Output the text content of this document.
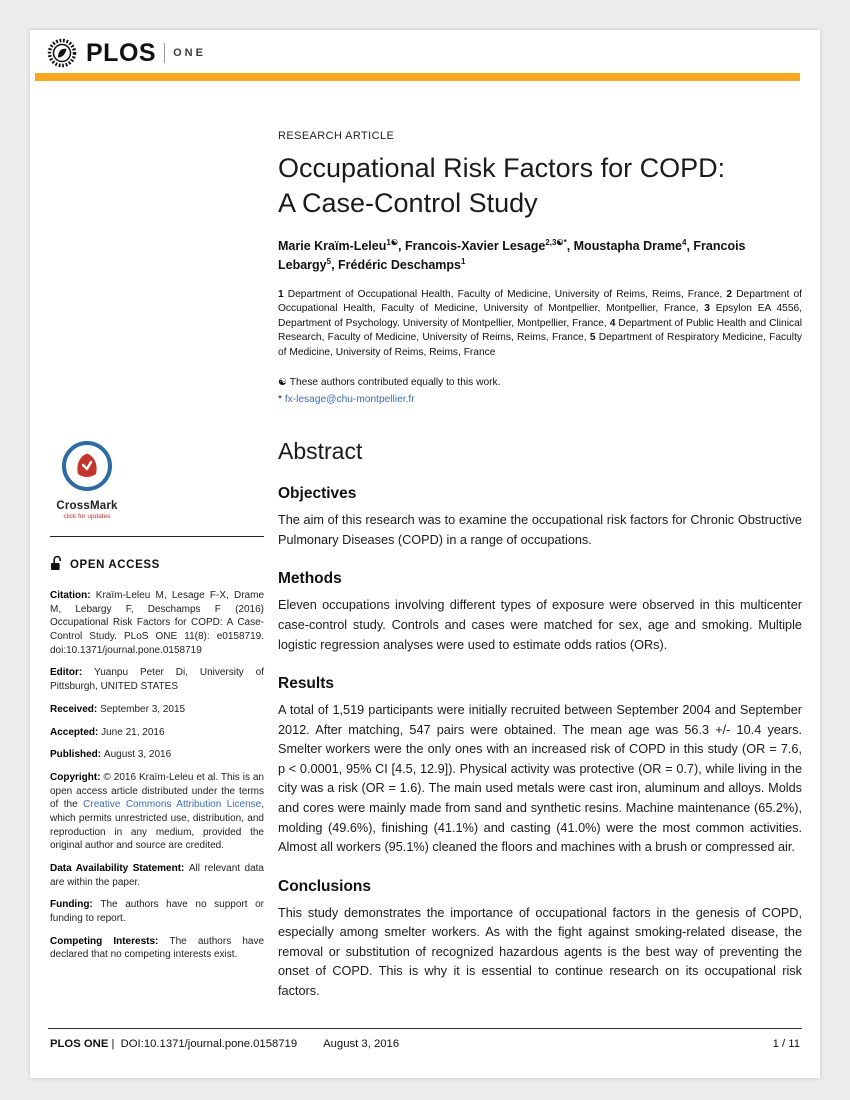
PLOS ONE
CrossMark
click for updates
OPEN ACCESS

Citation: Kraïm-Leleu M, Lesage F-X, Drame M, Lebargy F, Deschamps F (2016) Occupational Risk Factors for COPD: A Case-Control Study. PLoS ONE 11(8): e0158719. doi:10.1371/journal.pone.0158719

Editor: Yuanpu Peter Di, University of Pittsburgh, UNITED STATES

Received: September 3, 2015

Accepted: June 21, 2016

Published: August 3, 2016

Copyright: © 2016 Kraïm-Leleu et al. This is an open access article distributed under the terms of the Creative Commons Attribution License, which permits unrestricted use, distribution, and reproduction in any medium, provided the original author and source are credited.

Data Availability Statement: All relevant data are within the paper.

Funding: The authors have no support or funding to report.

Competing Interests: The authors have declared that no competing interests exist.

RESEARCH ARTICLE
Occupational Risk Factors for COPD:
A Case-Control Study

Marie Kraïm-Leleu$^{1☯}$, Francois-Xavier Lesage$^{2,3☯*}$, Moustapha Drame$^4$, Francois Lebargy$^5$, Frédéric Deschamps$^1$

1 Department of Occupational Health, Faculty of Medicine, University of Reims, Reims, France, 2 Department of Occupational Health, Faculty of Medicine, University of Montpellier, Montpellier, France, 3 Epsylon EA 4556, Department of Psychology. University of Montpellier, Montpellier, France, 4 Department of Public Health and Clinical Research, Faculty of Medicine, University of Reims, Reims, France, 5 Department of Respiratory Medicine, Faculty of Medicine, University of Reims, Reims, France

☯ These authors contributed equally to this work.

* fx-lesage@chu-montpellier.fr

Abstract
Objectives

The aim of this research was to examine the occupational risk factors for Chronic Obstructive Pulmonary Diseases (COPD) in a range of occupations.

Methods

Eleven occupations involving different types of exposure were observed in this multicenter case-control study. Controls and cases were matched for sex, age and smoking. Multiple logistic regression analyses were used to estimate odds ratios (ORs).

Results

A total of 1,519 participants were initially recruited between September 2004 and September 2012. After matching, 547 pairs were obtained. The mean age was 56.3 +/- 10.4 years. Smelter workers were the only ones with an increased risk of COPD in this study (OR = 7.6, p < 0.0001, 95% CI [4.5, 12.9]). Physical activity was protective (OR = 0.7), while living in the city was a risk (OR = 1.6). The main used metals were cast iron, aluminum and alloys. Molds and cores were mainly made from sand and synthetic resins. Machine maintenance (65.2%), molding (49.6%), finishing (41.1%) and casting (41.0%) were the most common activities. Almost all workers (95.1%) cleaned the floors and machines with a brush or compressed air.

Conclusions

This study demonstrates the importance of occupational factors in the genesis of COPD, especially among smelter workers. As with the fight against smoking-related disease, the removal or substitution of recognized hazardous agents is the best way of preventing the onset of COPD. This is why it is essential to continue research on its occupational risk factors.

PLOS ONE | DOI:10.1371/journal.pone.0158719 August 3, 2016	1 / 11
